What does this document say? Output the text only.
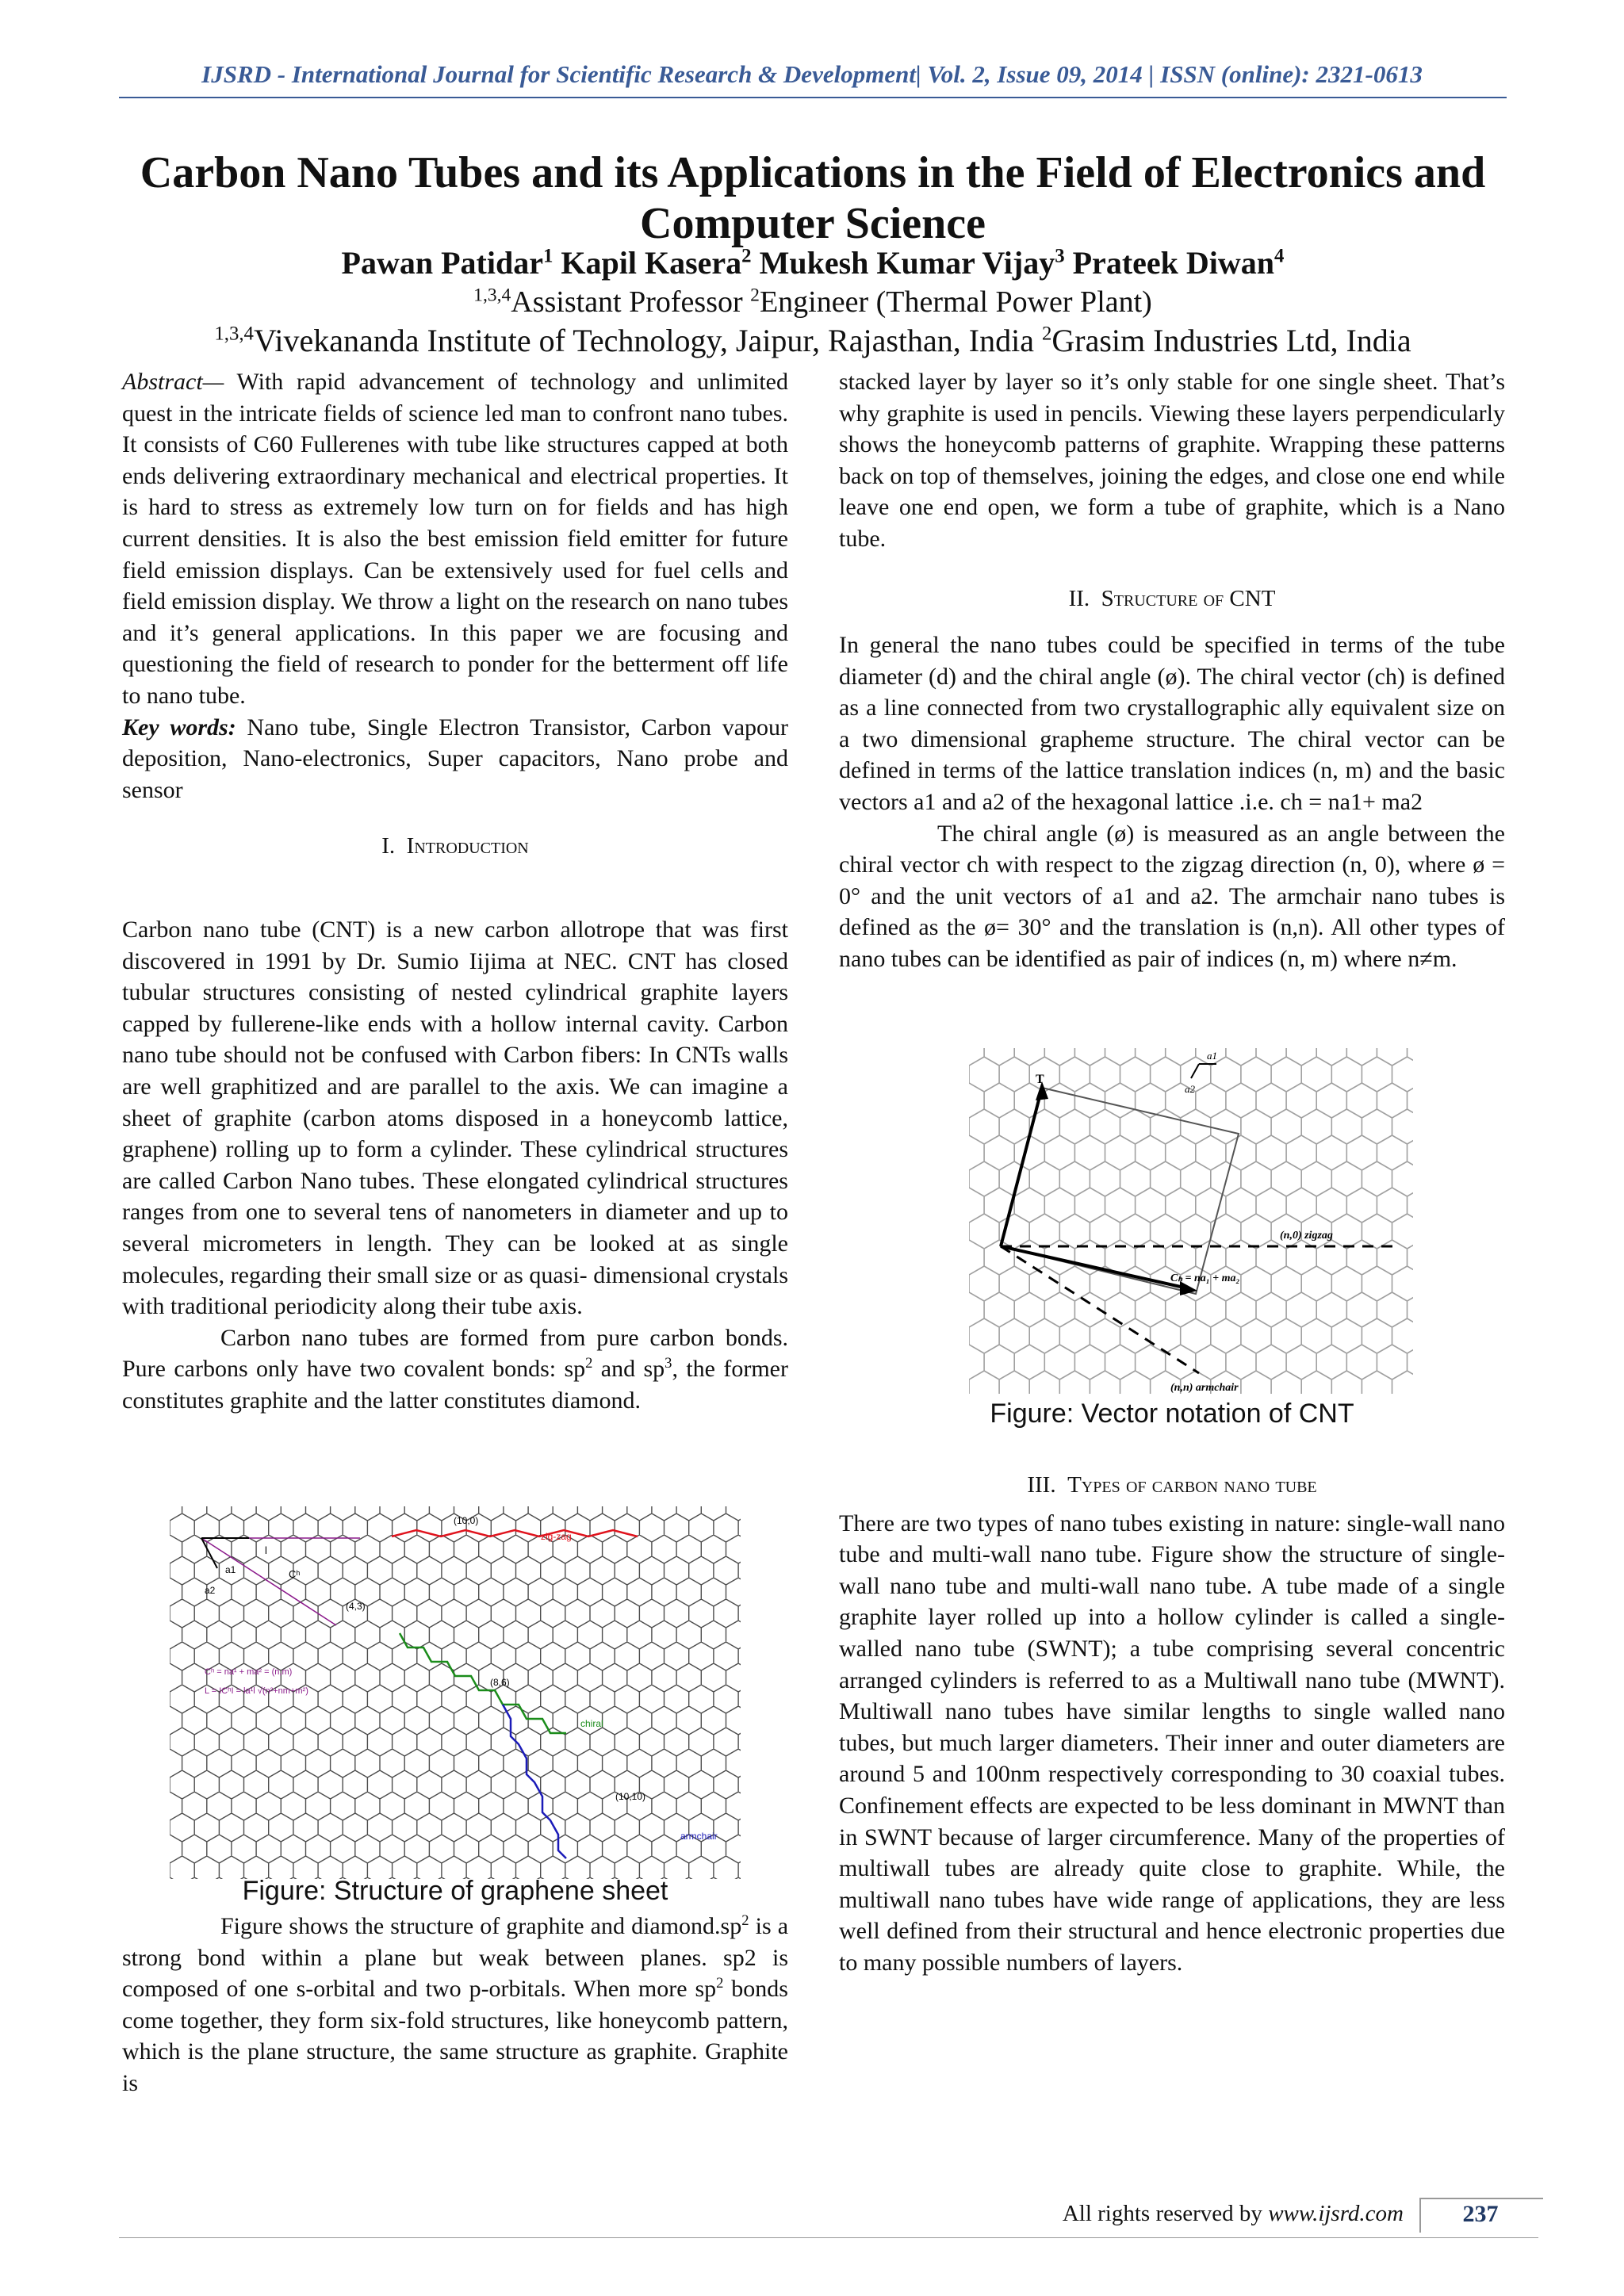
IJSRD - International Journal for Scientific Research & Development| Vol. 2, Issue 09, 2014 | ISSN (online): 2321-0613
Carbon Nano Tubes and its Applications in the Field of Electronics and Computer Science
Pawan Patidar$^1$ Kapil Kasera$^2$ Mukesh Kumar Vijay$^3$ Prateek Diwan$^4$
$^{1,3,4}$Assistant Professor $^2$Engineer (Thermal Power Plant)
$^{1,3,4}$Vivekananda Institute of Technology, Jaipur, Rajasthan, India $^2$Grasim Industries Ltd, India

Abstract— With rapid advancement of technology and unlimited quest in the intricate fields of science led man to confront nano tubes. It consists of C60 Fullerenes with tube like structures capped at both ends delivering extraordinary mechanical and electrical properties. It is hard to stress as extremely low turn on for fields and has high current densities. It is also the best emission field emitter for future field emission displays. Can be extensively used for fuel cells and field emission display. We throw a light on the research on nano tubes and it’s general applications. In this paper we are focusing and questioning the field of research to ponder for the betterment off life to nano tube.

Key words: Nano tube, Single Electron Transistor, Carbon vapour deposition, Nano-electronics, Super capacitors, Nano probe and sensor

I. Introduction

Carbon nano tube (CNT) is a new carbon allotrope that was first discovered in 1991 by Dr. Sumio Iijima at NEC. CNT has closed tubular structures consisting of nested cylindrical graphite layers capped by fullerene-like ends with a hollow internal cavity. Carbon nano tube should not be confused with Carbon fibers: In CNTs walls are well graphitized and are parallel to the axis. We can imagine a sheet of graphite (carbon atoms disposed in a honeycomb lattice, graphene) rolling up to form a cylinder. These cylindrical structures are called Carbon Nano tubes. These elongated cylindrical structures ranges from one to several tens of nanometers in diameter and up to several micrometers in length. They can be looked at as single molecules, regarding their small size or as quasi- dimensional crystals with traditional periodicity along their tube axis.

Carbon nano tubes are formed from pure carbon bonds. Pure carbons only have two covalent bonds: $sp^2$ and $sp^3$, the former constitutes graphite and the latter constitutes diamond.

(10,0)
zig-zag
(4,3)
Cʰ
l
a1
a2
Cʰ = na¹ + ma² = (n,m)
L = ICʰI = la¹l √(n²+nm+m²)
(8,6)
chiral
(10,10)
armchair
Figure: Structure of graphene sheet

Figure shows the structure of graphite and $diamond.sp^2$ is a strong bond within a plane but weak between planes. sp2 is composed of one s-orbital and two p-orbitals. When more $sp^2$ bonds come together, they form six-fold structures, like honeycomb pattern, which is the plane structure, the same structure as graphite. Graphite is

stacked layer by layer so it’s only stable for one single sheet. That’s why graphite is used in pencils. Viewing these layers perpendicularly shows the honeycomb patterns of graphite. Wrapping these patterns back on top of themselves, joining the edges, and close one end while leave one end open, we form a tube of graphite, which is a Nano tube.

II. Structure of CNT

In general the nano tubes could be specified in terms of the tube diameter (d) and the chiral angle (ø). The chiral vector (ch) is defined as a line connected from two crystallographic ally equivalent size on a two dimensional grapheme structure. The chiral vector can be defined in terms of the lattice translation indices (n, m) and the basic vectors a1 and a2 of the hexagonal lattice .i.e. ch = na1+ ma2

The chiral angle (ø) is measured as an angle between the chiral vector ch with respect to the zigzag direction (n, 0), where ø = 0° and the unit vectors of a1 and a2. The armchair nano tubes is defined as the ø= 30° and the translation is (n,n). All other types of nano tubes can be identified as pair of indices (n, m) where n≠m.

T
a1
a2
(n,0) zigzag
Cₕ = na₁ + ma₂
(n,n) armchair
Figure: Vector notation of CNT

III. Types of carbon nano tube

There are two types of nano tubes existing in nature: single-wall nano tube and multi-wall nano tube. Figure show the structure of single-wall nano tube and multi-wall nano tube. A tube made of a single graphite layer rolled up into a hollow cylinder is called a single-walled nano tube (SWNT); a tube comprising several concentric arranged cylinders is referred to as a Multiwall nano tube (MWNT). Multiwall nano tubes have similar lengths to single walled nano tubes, but much larger diameters. Their inner and outer diameters are around 5 and 100nm respectively corresponding to 30 coaxial tubes. Confinement effects are expected to be less dominant in MWNT than in SWNT because of larger circumference. Many of the properties of multiwall tubes are already quite close to graphite. While, the multiwall nano tubes have wide range of applications, they are less well defined from their structural and hence electronic properties due to many possible numbers of layers.

All rights reserved by www.ijsrd.com	237
